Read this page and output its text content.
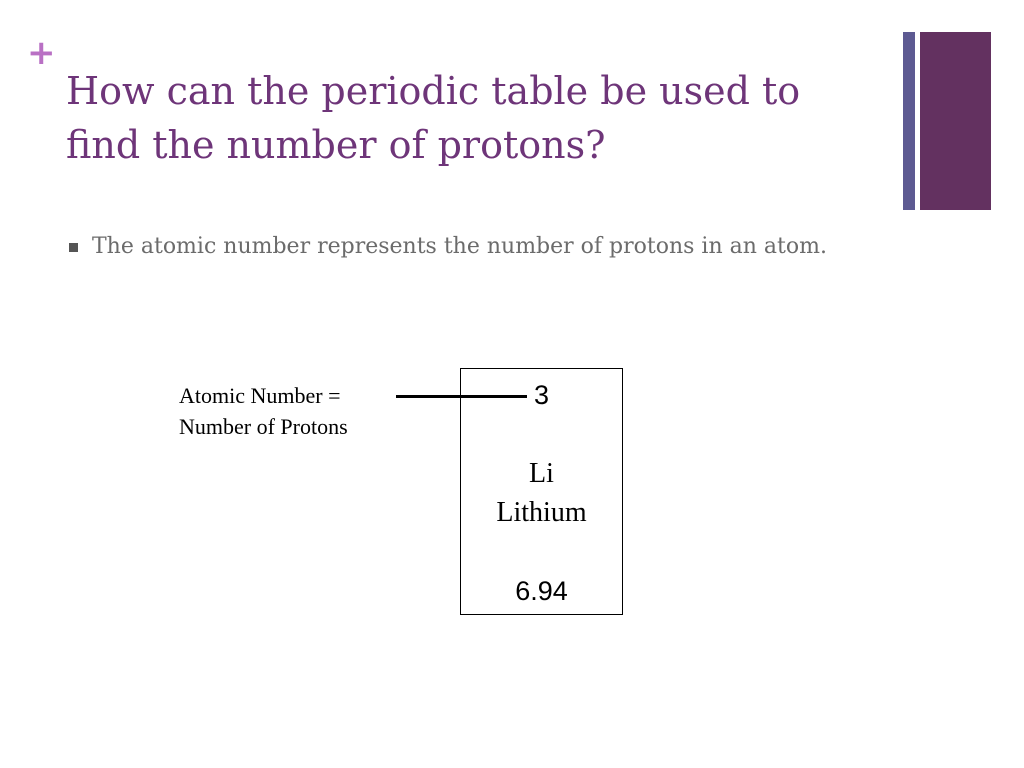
+
How can the periodic table be used to find the number of protons?
The atomic number represents the number of protons in an atom.
Atomic Number =
Number of Protons
3
Li
Lithium
6.94
